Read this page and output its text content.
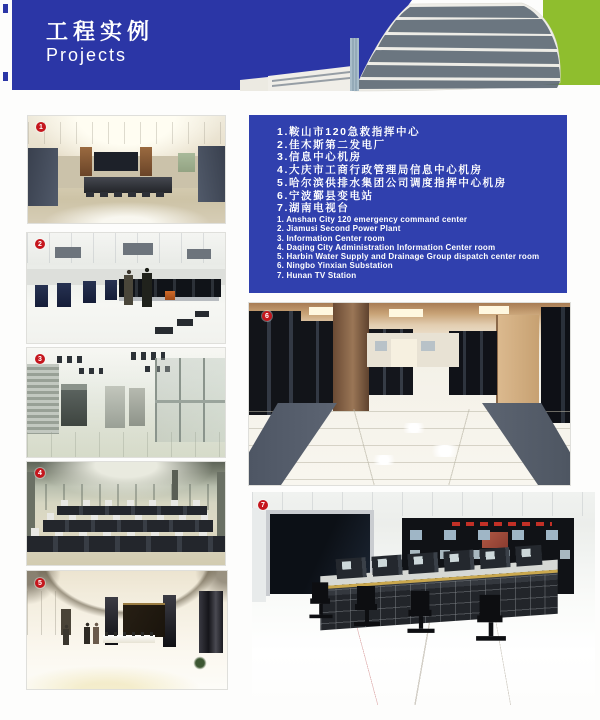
工程实例
Projects
1.鞍山市120急救指挥中心
2.佳木斯第二发电厂
3.信息中心机房
4.大庆市工商行政管理局信息中心机房
5.哈尔滨供排水集团公司调度指挥中心机房
6.宁波鄞县变电站
7.湖南电视台
1. Anshan City 120 emergency command center
2. Jiamusi Second Power Plant
3. Information Center room
4. Daqing City Administration Information Center room
5. Harbin Water Supply and Drainage Group dispatch center room
6. Ningbo Yinxian Substation
7. Hunan TV Station
1
2
3
4
5
6
7
